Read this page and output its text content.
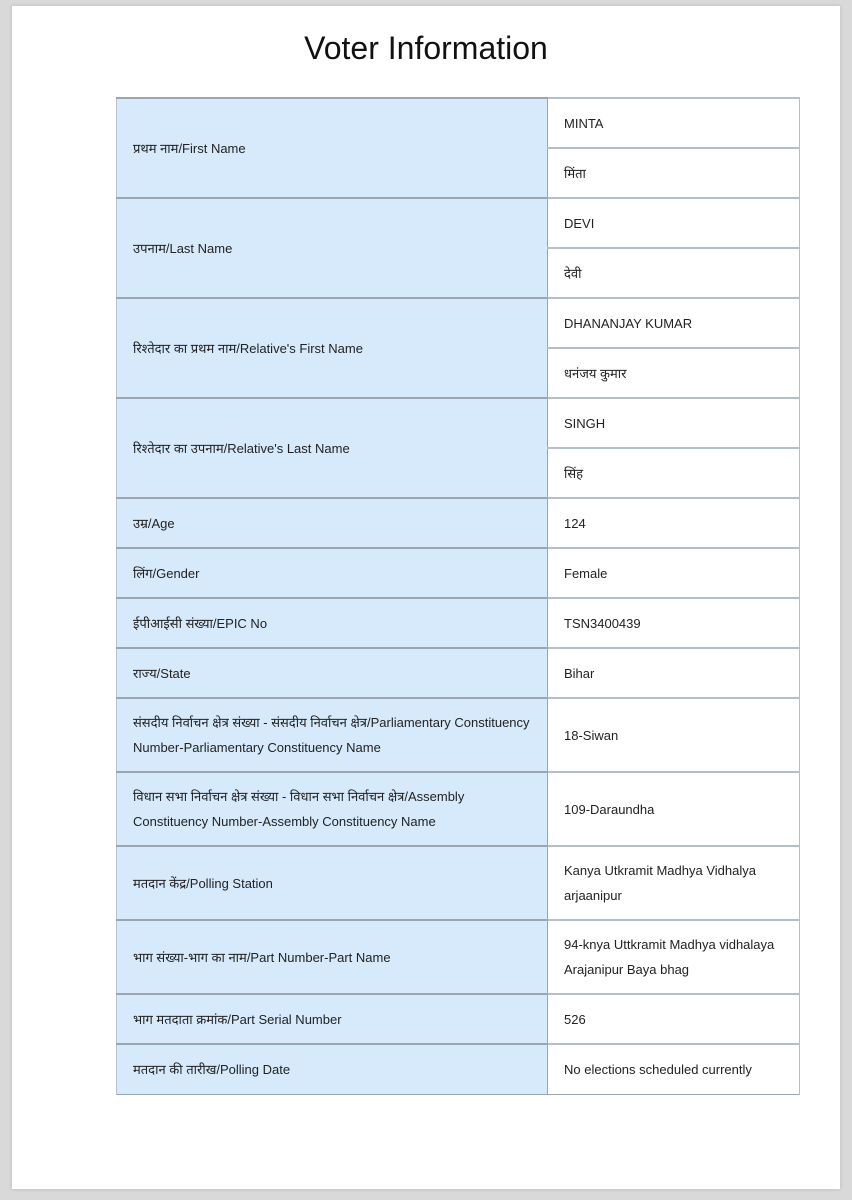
Voter Information
प्रथम नाम/First Name	MINTA

	मिंता

उपनाम/Last Name	DEVI

	देवी

रिश्तेदार का प्रथम नाम/Relative's First Name	DHANANJAY KUMAR

	धनंजय कुमार

रिश्तेदार का उपनाम/Relative's Last Name	SINGH

	सिंह

उम्र/Age	124

लिंग/Gender	Female

ईपीआईसी संख्या/EPIC No	TSN3400439

राज्य/State	Bihar

संसदीय निर्वाचन क्षेत्र संख्या - संसदीय निर्वाचन क्षेत्र/Parliamentary Constituency Number-Parliamentary Constituency Name	18-Siwan

विधान सभा निर्वाचन क्षेत्र संख्या - विधान सभा निर्वाचन क्षेत्र/Assembly Constituency Number-Assembly Constituency Name	109-Daraundha

मतदान केंद्र/Polling Station	Kanya Utkramit Madhya Vidhalya arjaanipur

भाग संख्या-भाग का नाम/Part Number-Part Name	94-knya Uttkramit Madhya vidhalaya Arajanipur Baya bhag

भाग मतदाता क्रमांक/Part Serial Number	526

मतदान की तारीख/Polling Date	No elections scheduled currently
